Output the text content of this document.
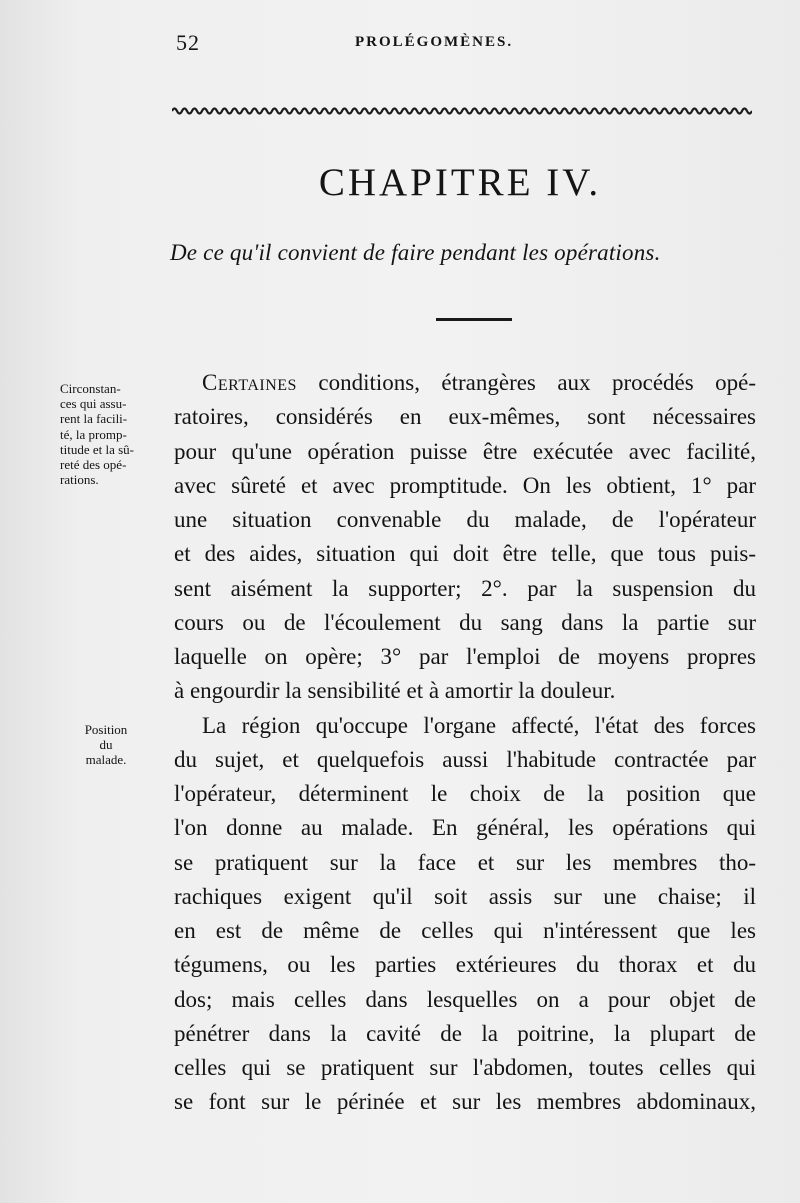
52	PROLÉGOMÈNES.
CHAPITRE IV.
De ce qu'il convient de faire pendant les opérations.
Circonstan-
ces qui assu-
rent la facili-
té, la promp-
titude et la sû-
reté des opé-
rations.
Position
du
malade.
Certaines conditions, étrangères aux procédés opé-
ratoires, considérés en eux-mêmes, sont nécessaires
pour qu'une opération puisse être exécutée avec facilité,
avec sûreté et avec promptitude. On les obtient, 1° par
une situation convenable du malade, de l'opérateur
et des aides, situation qui doit être telle, que tous puis-
sent aisément la supporter; 2°. par la suspension du
cours ou de l'écoulement du sang dans la partie sur
laquelle on opère; 3° par l'emploi de moyens propres
à engourdir la sensibilité et à amortir la douleur.
La région qu'occupe l'organe affecté, l'état des forces
du sujet, et quelquefois aussi l'habitude contractée par
l'opérateur, déterminent le choix de la position que
l'on donne au malade. En général, les opérations qui
se pratiquent sur la face et sur les membres tho-
rachiques exigent qu'il soit assis sur une chaise; il
en est de même de celles qui n'intéressent que les
tégumens, ou les parties extérieures du thorax et du
dos; mais celles dans lesquelles on a pour objet de
pénétrer dans la cavité de la poitrine, la plupart de
celles qui se pratiquent sur l'abdomen, toutes celles qui
se font sur le périnée et sur les membres abdominaux,
